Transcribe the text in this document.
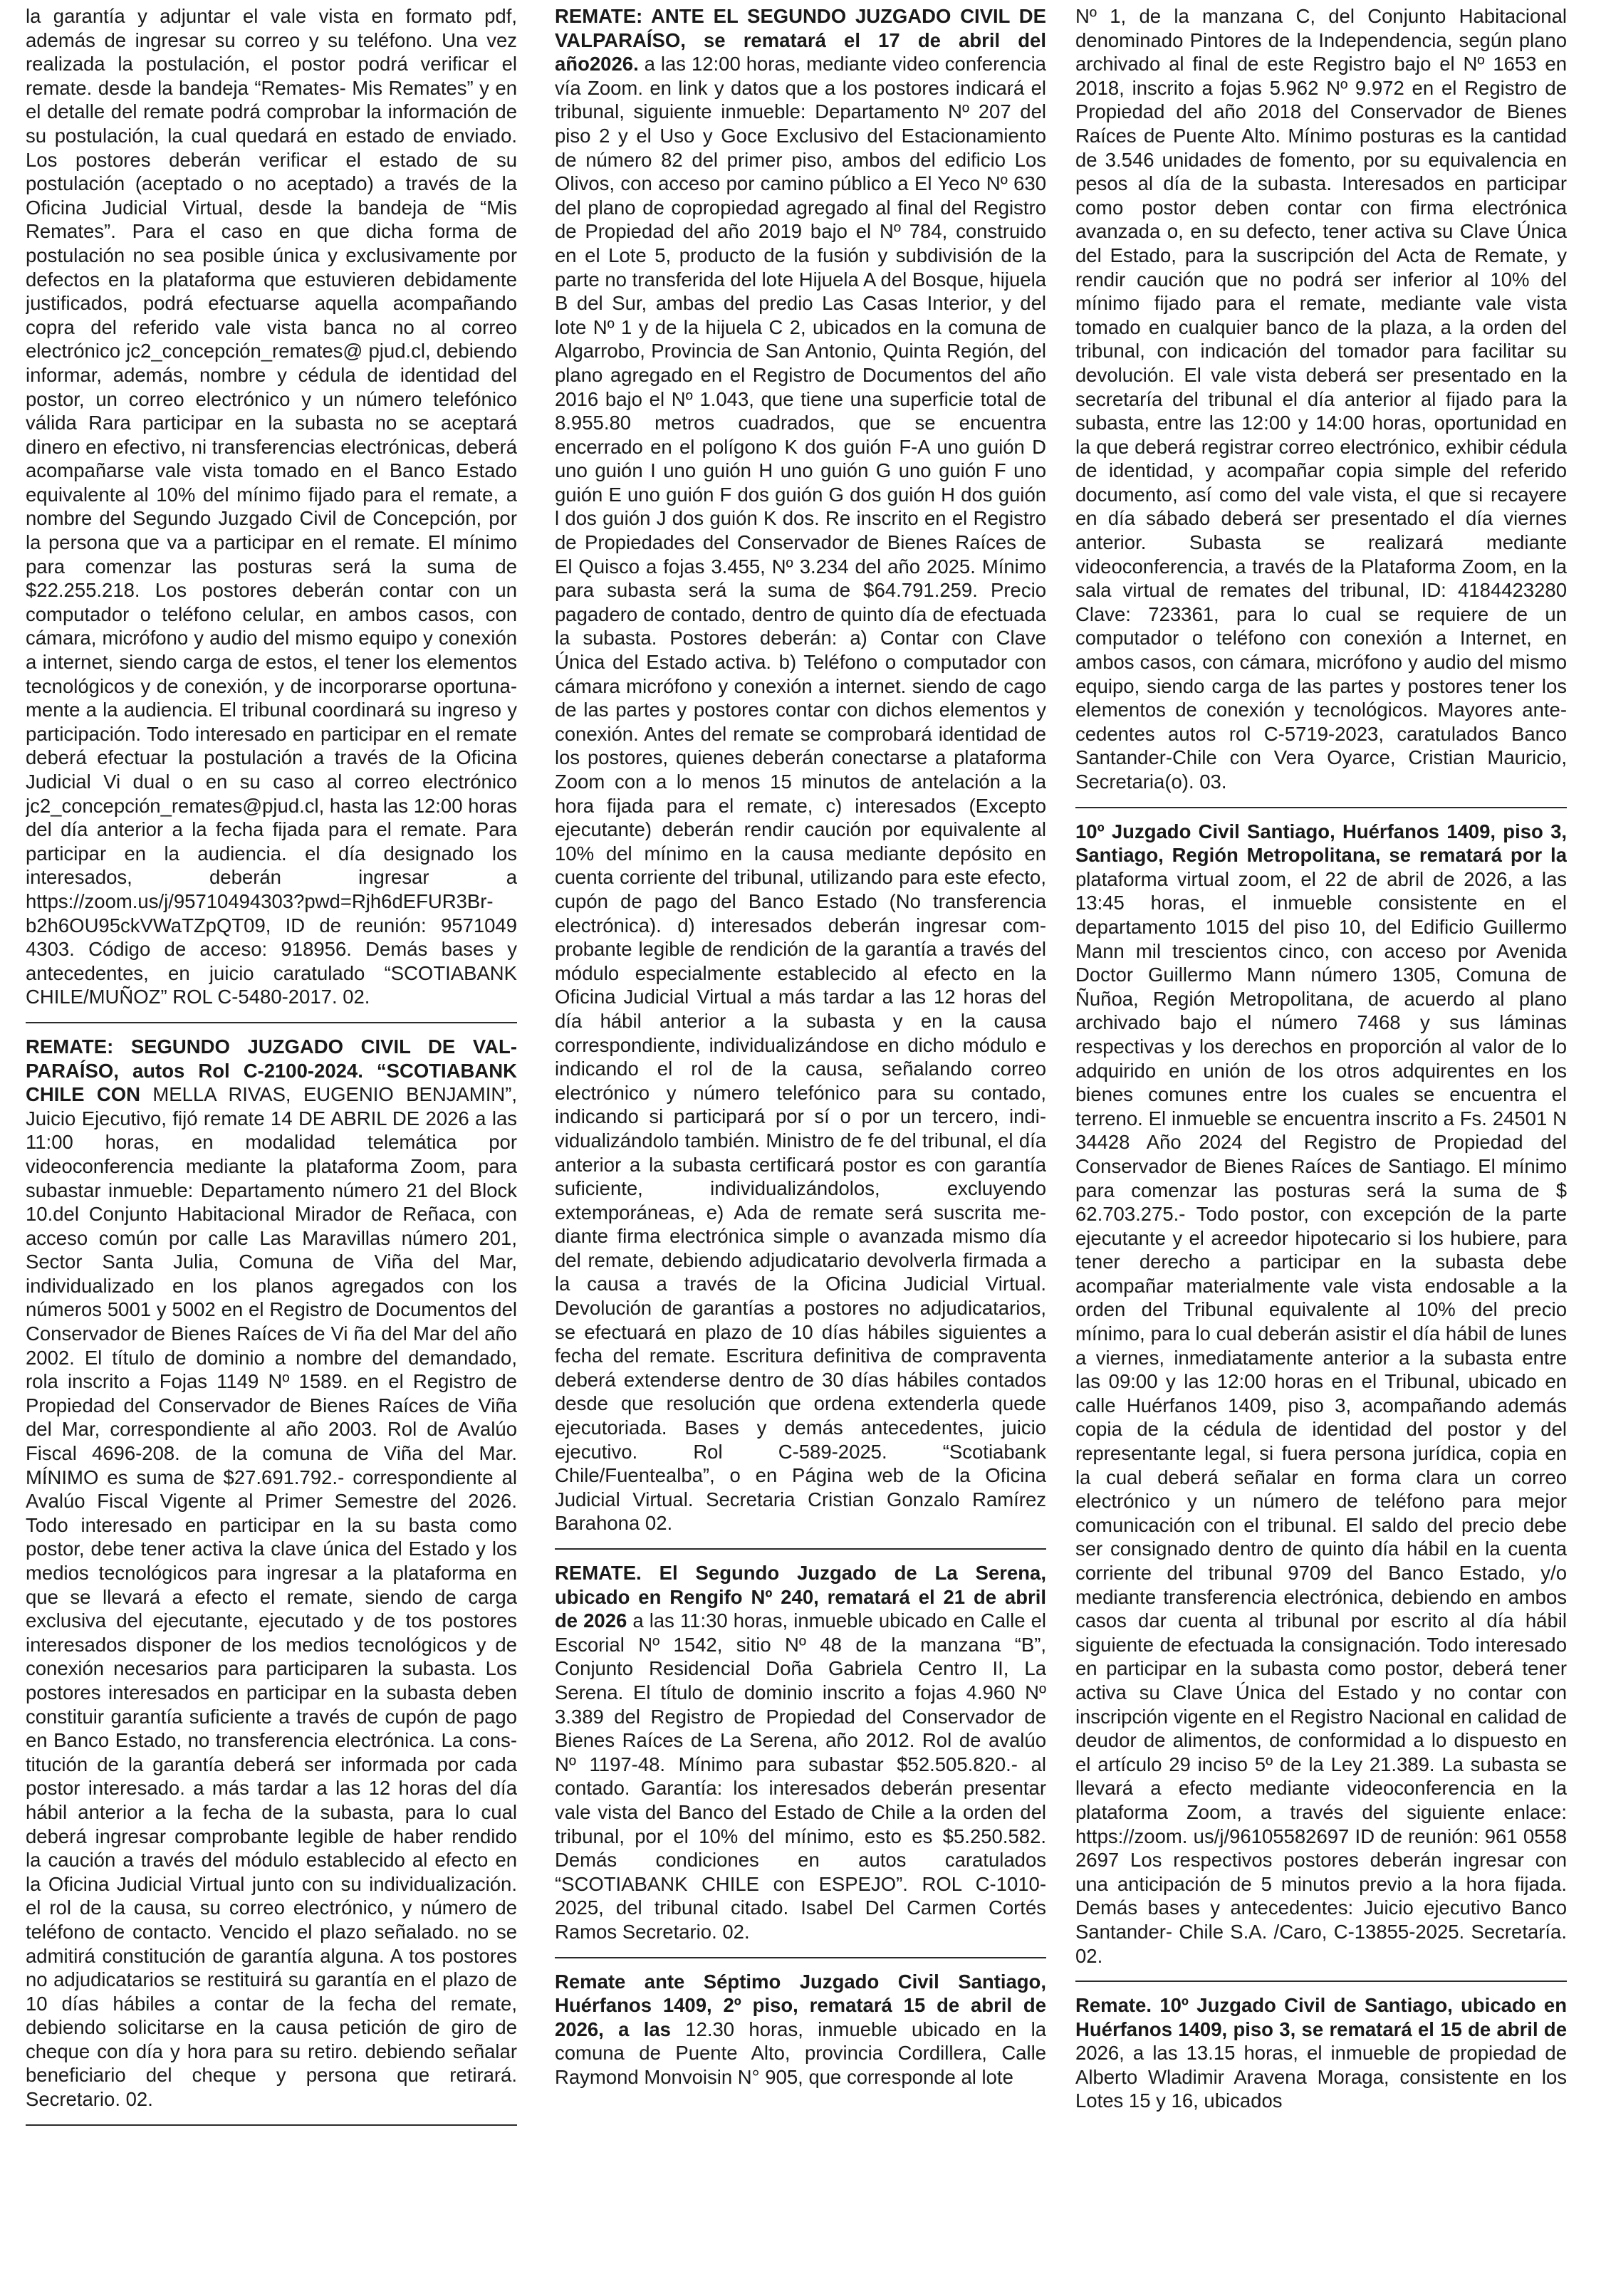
la garantía y adjuntar el vale vista en formato pdf, además de ingresar su correo y su teléfono. Una vez realizada la postulación, el postor podrá verificar el remate. desde la bandeja “Remates- Mis Remates” y en el detalle del remate podrá comprobar la información de su postulación, la cual quedará en estado de enviado. Los postores deberán verificar el estado de su postulación (aceptado o no aceptado) a través de la Oficina Judicial Virtual, desde la bandeja de “Mis Remates”. Para el caso en que dicha forma de postulación no sea posible única y exclusivamente por defectos en la plataforma que estuvieren debidamente justificados, podrá efectuarse aquella acompañando copra del referido vale vista banca no al correo electrónico jc2_concepción_remates@ pjud.cl, debiendo informar, además, nombre y cédula de identidad del postor, un correo electrónico y un número telefónico válida Rara participar en la subasta no se aceptará dinero en efectivo, ni transferencias electrónicas, deberá acompañarse vale vista tomado en el Banco Estado equivalente al 10% del mínimo fijado para el remate, a nombre del Segundo Juzgado Civil de Concepción, por la persona que va a participar en el remate. El mínimo para comenzar las posturas será la suma de $22.255.218. Los postores deberán contar con un computador o teléfono celular, en ambos casos, con cámara, micrófono y audio del mismo equipo y conexión a internet, siendo carga de estos, el tener los elementos tecnológicos y de conexión, y de incorporarse oportunamente a la audiencia. El tribunal coordinará su ingreso y participación. Todo interesado en participar en el remate deberá efectuar la postulación a través de la Oficina Judicial Vi dual o en su caso al correo electrónico jc2_concepción_remates@pjud.cl, hasta las 12:00 horas del día anterior a la fecha fijada para el remate. Para participar en la audiencia. el día designado los interesados, deberán ingresar a https://zoom.us/j/95710494303?pwd=Rjh6dEFUR3Br-b2h6OU95ckVWaTZpQT09, ID de reunión: 9571049 4303. Código de acceso: 918956. Demás bases y antecedentes, en juicio caratulado “SCOTIABANK CHILE/MUÑOZ” ROL C-5480-2017. 02.

REMATE: SEGUNDO JUZGADO CIVIL DE VALPARAÍSO, autos Rol C-2100-2024. “SCOTIABANK CHILE CON MELLA RIVAS, EUGENIO BENJAMIN”, Juicio Ejecutivo, fijó remate 14 DE ABRIL DE 2026 a las 11:00 horas, en modalidad telemática por videoconferencia mediante la plataforma Zoom, para subastar inmueble: Departamento número 21 del Block 10.del Conjunto Habitacional Mirador de Reñaca, con acceso común por calle Las Maravillas número 201, Sector Santa Julia, Comuna de Viña del Mar, individualizado en los planos agregados con los números 5001 y 5002 en el Registro de Documentos del Conservador de Bienes Raíces de Vi ña del Mar del año 2002. El título de dominio a nombre del demandado, rola inscrito a Fojas 1149 Nº 1589. en el Registro de Propiedad del Conservador de Bienes Raíces de Viña del Mar, correspondiente al año 2003. Rol de Avalúo Fiscal 4696-208. de la comuna de Viña del Mar. MÍNIMO es suma de $27.691.792.- correspondiente al Avalúo Fiscal Vigente al Primer Semestre del 2026. Todo interesado en participar en la su basta como postor, debe tener activa la clave única del Estado y los medios tecnológicos para ingresar a la plataforma en que se llevará a efecto el remate, siendo de carga exclusiva del ejecutante, ejecutado y de tos postores interesados disponer de los medios tecnológicos y de conexión necesarios para participaren la subasta. Los postores interesados en participar en la subasta deben constituir garantía suficiente a través de cupón de pago en Banco Estado, no transferencia electrónica. La constitución de la garantía deberá ser informada por cada postor interesado. a más tardar a las 12 horas del día hábil anterior a la fecha de la subasta, para lo cual deberá ingresar comprobante legible de haber rendido la caución a través del módulo establecido al efecto en la Oficina Judicial Virtual junto con su individualización. el rol de la causa, su correo electrónico, y número de teléfono de contacto. Vencido el plazo señalado. no se admitirá constitución de garantía alguna. A tos postores no adjudicatarios se restituirá su garantía en el plazo de 10 días hábiles a contar de la fecha del remate, debiendo solicitarse en la causa petición de giro de cheque con día y hora para su retiro. debiendo señalar beneficiario del cheque y persona que retirará. Secretario. 02.

REMATE: ANTE EL SEGUNDO JUZGADO CIVIL DE VALPARAÍSO, se rematará el 17 de abril del año2026. a las 12:00 horas, mediante video conferencia vía Zoom. en link y datos que a los postores indicará el tribunal, siguiente inmueble: Departamento Nº 207 del piso 2 y el Uso y Goce Exclusivo del Estacionamiento de número 82 del primer piso, ambos del edificio Los Olivos, con acceso por camino público a El Yeco Nº 630 del plano de copropiedad agregado al final del Registro de Propiedad del año 2019 bajo el Nº 784, construido en el Lote 5, producto de la fusión y subdivisión de la parte no transferida del lote Hijuela A del Bosque, hijuela B del Sur, ambas del predio Las Casas Interior, y del lote Nº 1 y de la hijuela C 2, ubicados en la comuna de Algarrobo, Provincia de San Antonio, Quinta Región, del plano agregado en el Registro de Documentos del año 2016 bajo el Nº 1.043, que tiene una superficie total de 8.955.80 metros cuadrados, que se encuentra encerrado en el polígono K dos guión F-A uno guión D uno guión I uno guión H uno guión G uno guión F uno guión E uno guión F dos guión G dos guión H dos guión l dos guión J dos guión K dos. Re inscrito en el Registro de Propiedades del Conservador de Bienes Raíces de El Quisco a fojas 3.455, Nº 3.234 del año 2025. Mínimo para subasta será la suma de $64.791.259. Precio pagadero de contado, dentro de quinto día de efectuada la subasta. Postores deberán: a) Contar con Clave Única del Estado activa. b) Teléfono o computador con cámara micrófono y conexión a internet. siendo de cago de las partes y postores contar con dichos elementos y conexión. Antes del remate se comprobará identidad de los postores, quienes deberán conectarse a plataforma Zoom con a lo menos 15 minutos de antelación a la hora fijada para el remate, c) interesados (Excepto ejecutante) deberán rendir caución por equivalente al 10% del mínimo en la causa mediante depósito en cuenta corriente del tribunal, utilizando para este efecto, cupón de pago del Banco Estado (No transferencia electrónica). d) interesados deberán ingresar comprobante legible de rendición de la garantía a través del módulo especialmente establecido al efecto en la Oficina Judicial Virtual a más tardar a las 12 horas del día hábil anterior a la subasta y en la causa correspondiente, individualizándose en dicho módulo e indicando el rol de la causa, señalando correo electrónico y número telefónico para su contado, indicando si participará por sí o por un tercero, individualizándolo también. Ministro de fe del tribunal, el día anterior a la subasta certificará postor es con garantía suficiente, individualizándolos, excluyendo extemporáneas, e) Ada de remate será suscrita mediante firma electrónica simple o avanzada mismo día del remate, debiendo adjudicatario devolverla firmada a la causa a través de la Oficina Judicial Virtual. Devolución de garantías a postores no adjudicatarios, se efectuará en plazo de 10 días hábiles siguientes a fecha del remate. Escritura definitiva de compraventa deberá extenderse dentro de 30 días hábiles contados desde que resolución que ordena extenderla quede ejecutoriada. Bases y demás antecedentes, juicio ejecutivo. Rol C-589-2025. “Scotiabank Chile/Fuentealba”, o en Página web de la Oficina Judicial Virtual. Secretaria Cristian Gonzalo Ramírez Barahona 02.

REMATE. El Segundo Juzgado de La Serena, ubicado en Rengifo Nº 240, rematará el 21 de abril de 2026 a las 11:30 horas, inmueble ubicado en Calle el Escorial Nº 1542, sitio Nº 48 de la manzana “B”, Conjunto Residencial Doña Gabriela Centro II, La Serena. El título de dominio inscrito a fojas 4.960 Nº 3.389 del Registro de Propiedad del Conservador de Bienes Raíces de La Serena, año 2012. Rol de avalúo Nº 1197-48. Mínimo para subastar $52.505.820.- al contado. Garantía: los interesados deberán presentar vale vista del Banco del Estado de Chile a la orden del tribunal, por el 10% del mínimo, esto es $5.250.582. Demás condiciones en autos caratulados “SCOTIABANK CHILE con ESPEJO”. ROL C-1010-2025, del tribunal citado. Isabel Del Carmen Cortés Ramos Secretario. 02.

Remate ante Séptimo Juzgado Civil Santiago, Huérfanos 1409, 2º piso, rematará 15 de abril de 2026, a las 12.30 horas, inmueble ubicado en la comuna de Puente Alto, provincia Cordillera, Calle Raymond Monvoisin N° 905, que corresponde al lote

Nº 1, de la manzana C, del Conjunto Habitacional denominado Pintores de la Independencia, según plano archivado al final de este Registro bajo el Nº 1653 en 2018, inscrito a fojas 5.962 Nº 9.972 en el Registro de Propiedad del año 2018 del Conservador de Bienes Raíces de Puente Alto. Mínimo posturas es la cantidad de 3.546 unidades de fomento, por su equivalencia en pesos al día de la subasta. Interesados en participar como postor deben contar con firma electrónica avanzada o, en su defecto, tener activa su Clave Única del Estado, para la suscripción del Acta de Remate, y rendir caución que no podrá ser inferior al 10% del mínimo fijado para el remate, mediante vale vista tomado en cualquier banco de la plaza, a la orden del tribunal, con indicación del tomador para facilitar su devolución. El vale vista deberá ser presentado en la secretaría del tribunal el día anterior al fijado para la subasta, entre las 12:00 y 14:00 horas, oportunidad en la que deberá registrar correo electrónico, exhibir cédula de identidad, y acompañar copia simple del referido documento, así como del vale vista, el que si recayere en día sábado deberá ser presentado el día viernes anterior. Subasta se realizará mediante videoconferencia, a través de la Plataforma Zoom, en la sala virtual de remates del tribunal, ID: 4184423280 Clave: 723361, para lo cual se requiere de un computador o teléfono con conexión a Internet, en ambos casos, con cámara, micrófono y audio del mismo equipo, siendo carga de las partes y postores tener los elementos de conexión y tecnológicos. Mayores antecedentes autos rol C-5719-2023, caratulados Banco Santander-Chile con Vera Oyarce, Cristian Mauricio, Secretaria(o). 03.

10º Juzgado Civil Santiago, Huérfanos 1409, piso 3, Santiago, Región Metropolitana, se rematará por la plataforma virtual zoom, el 22 de abril de 2026, a las 13:45 horas, el inmueble consistente en el departamento 1015 del piso 10, del Edificio Guillermo Mann mil trescientos cinco, con acceso por Avenida Doctor Guillermo Mann número 1305, Comuna de Ñuñoa, Región Metropolitana, de acuerdo al plano archivado bajo el número 7468 y sus láminas respectivas y los derechos en proporción al valor de lo adquirido en unión de los otros adquirentes en los bienes comunes entre los cuales se encuentra el terreno. El inmueble se encuentra inscrito a Fs. 24501 N 34428 Año 2024 del Registro de Propiedad del Conservador de Bienes Raíces de Santiago. El mínimo para comenzar las posturas será la suma de $ 62.703.275.- Todo postor, con excepción de la parte ejecutante y el acreedor hipotecario si los hubiere, para tener derecho a participar en la subasta debe acompañar materialmente vale vista endosable a la orden del Tribunal equivalente al 10% del precio mínimo, para lo cual deberán asistir el día hábil de lunes a viernes, inmediatamente anterior a la subasta entre las 09:00 y las 12:00 horas en el Tribunal, ubicado en calle Huérfanos 1409, piso 3, acompañando además copia de la cédula de identidad del postor y del representante legal, si fuera persona jurídica, copia en la cual deberá señalar en forma clara un correo electrónico y un número de teléfono para mejor comunicación con el tribunal. El saldo del precio debe ser consignado dentro de quinto día hábil en la cuenta corriente del tribunal 9709 del Banco Estado, y/o mediante transferencia electrónica, debiendo en ambos casos dar cuenta al tribunal por escrito al día hábil siguiente de efectuada la consignación. Todo interesado en participar en la subasta como postor, deberá tener activa su Clave Única del Estado y no contar con inscripción vigente en el Registro Nacional en calidad de deudor de alimentos, de conformidad a lo dispuesto en el artículo 29 inciso 5º de la Ley 21.389. La subasta se llevará a efecto mediante videoconferencia en la plataforma Zoom, a través del siguiente enlace: https://zoom. us/j/96105582697 ID de reunión: 961 0558 2697 Los respectivos postores deberán ingresar con una anticipación de 5 minutos previo a la hora fijada. Demás bases y antecedentes: Juicio ejecutivo Banco Santander- Chile S.A. /Caro, C-13855-2025. Secretaría. 02.

Remate. 10º Juzgado Civil de Santiago, ubicado en Huérfanos 1409, piso 3, se rematará el 15 de abril de 2026, a las 13.15 horas, el inmueble de propiedad de Alberto Wladimir Aravena Moraga, consistente en los Lotes 15 y 16, ubicados
